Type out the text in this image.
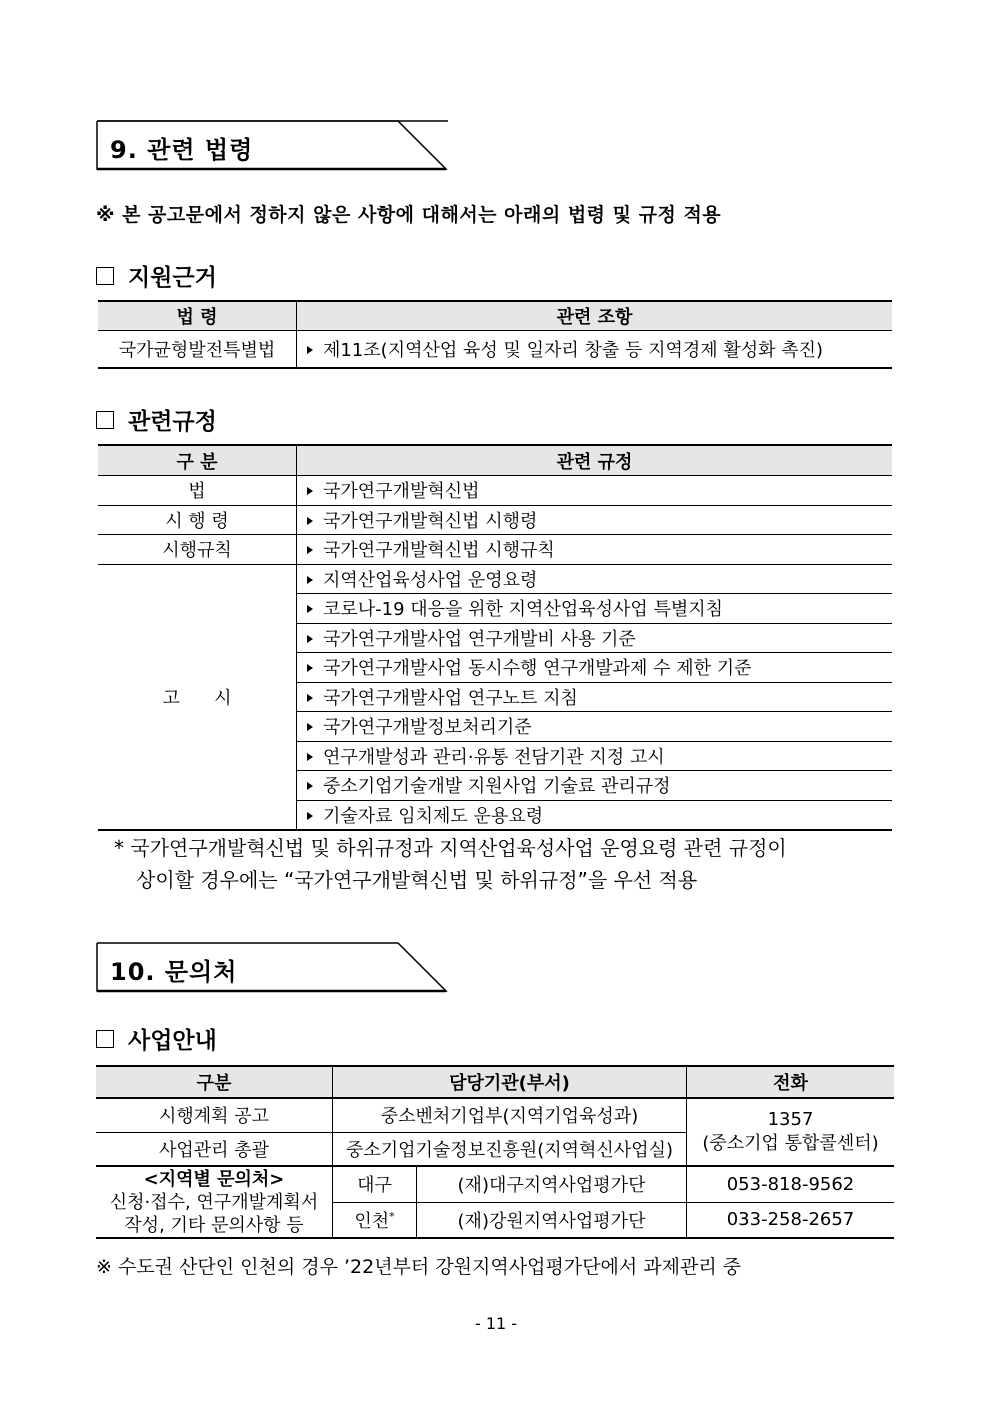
9. 관련 법령
※ 본 공고문에서 정하지 않은 사항에 대해서는 아래의 법령 및 규정 적용
지원근거
법 령	관련 조항
국가균형발전특별법	제11조(지역산업 육성 및 일자리 창출 등 지역경제 활성화 촉진)
관련규정
구 분	관련 규정
법	국가연구개발혁신법
시 행 령	국가연구개발혁신법 시행령
시행규칙	국가연구개발혁신법 시행규칙
고      시	지역산업육성사업 운영요령
	코로나-19 대응을 위한 지역산업육성사업 특별지침
	국가연구개발사업 연구개발비 사용 기준
	국가연구개발사업 동시수행 연구개발과제 수 제한 기준
	국가연구개발사업 연구노트 지침
	국가연구개발정보처리기준
	연구개발성과 관리·유통 전담기관 지정 고시
	중소기업기술개발 지원사업 기술료 관리규정
	기술자료 임치제도 운용요령
* 국가연구개발혁신법 및 하위규정과 지역산업육성사업 운영요령 관련 규정이
상이할 경우에는 “국가연구개발혁신법 및 하위규정”을 우선 적용
10. 문의처
사업안내
구분	담당기관(부서)		전화
시행계획 공고	중소벤처기업부(지역기업육성과)		1357
(중소기업 통합콜센터)

사업관리 총괄	중소기업기술정보진흥원(지역혁신사업실)		

<지역별 문의처>
신청·접수, 연구개발계획서
작성, 기타 문의사항 등	대구	(재)대구지역사업평가단	053-818-9562
	인천*	(재)강원지역사업평가단	033-258-2657
※ 수도권 산단인 인천의 경우 ’22년부터 강원지역사업평가단에서 과제관리 중
- 11 -
